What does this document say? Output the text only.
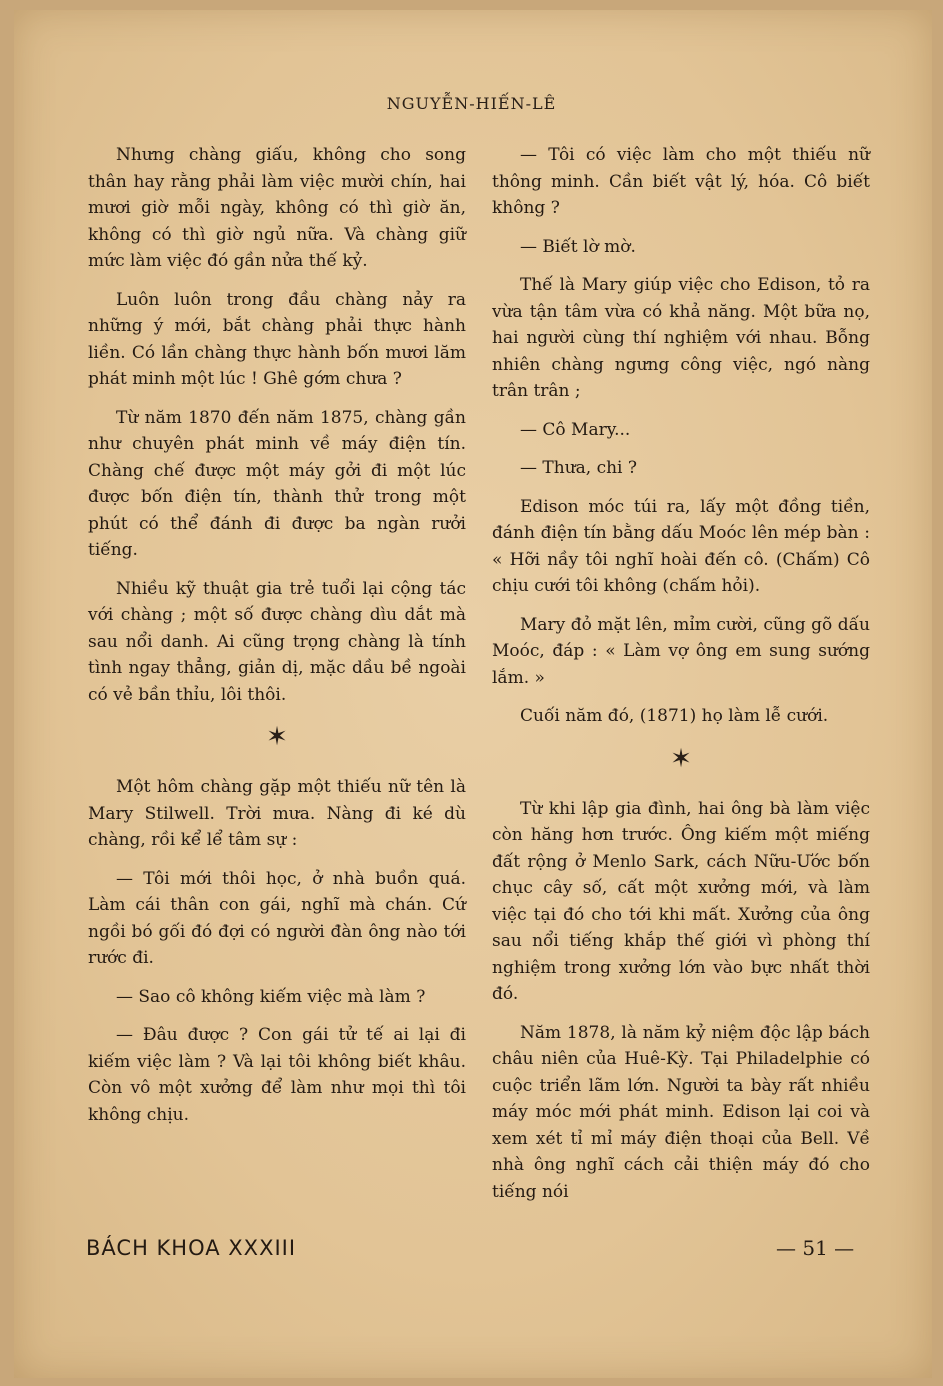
NGUYỄN-HIẾN-LÊ

Nhưng chàng giấu, không cho song thân hay rằng phải làm việc mười chín, hai mươi giờ mỗi ngày, không có thì giờ ăn, không có thì giờ ngủ nữa. Và chàng giữ mức làm việc đó gần nửa thế kỷ.

Luôn luôn trong đầu chàng nảy ra những ý mới, bắt chàng phải thực hành liền. Có lần chàng thực hành bốn mươi lăm phát minh một lúc ! Ghê gớm chưa ?

Từ năm 1870 đến năm 1875, chàng gần như chuyên phát minh về máy điện tín. Chàng chế được một máy gởi đi một lúc được bốn điện tín, thành thử trong một phút có thể đánh đi được ba ngàn rưởi tiếng.

Nhiều kỹ thuật gia trẻ tuổi lại cộng tác với chàng ; một số được chàng dìu dắt mà sau nổi danh. Ai cũng trọng chàng là tính tình ngay thẳng, giản dị, mặc dầu bề ngoài có vẻ bần thỉu, lôi thôi.

✶

Một hôm chàng gặp một thiếu nữ tên là Mary Stilwell. Trời mưa. Nàng đi ké dù chàng, rồi kể lể tâm sự :

— Tôi mới thôi học, ở nhà buồn quá. Làm cái thân con gái, nghĩ mà chán. Cứ ngồi bó gối đó đợi có người đàn ông nào tới rước đi.

— Sao cô không kiếm việc mà làm ?

— Đâu được ? Con gái tử tế ai lại đi kiếm việc làm ? Và lại tôi không biết khâu. Còn vô một xưởng để làm như mọi thì tôi không chịu.

— Tôi có việc làm cho một thiếu nữ thông minh. Cần biết vật lý, hóa. Cô biết không ?

— Biết lờ mờ.

Thế là Mary giúp việc cho Edison, tỏ ra vừa tận tâm vừa có khả năng. Một bữa nọ, hai người cùng thí nghiệm với nhau. Bỗng nhiên chàng ngưng công việc, ngó nàng trân trân ;

— Cô Mary...

— Thưa, chi ?

Edison móc túi ra, lấy một đồng tiền, đánh điện tín bằng dấu Moóc lên mép bàn : « Hỡi nầy tôi nghĩ hoài đến cô. (Chấm) Cô chịu cưới tôi không (chấm hỏi).

Mary đỏ mặt lên, mỉm cười, cũng gõ dấu Moóc, đáp : « Làm vợ ông em sung sướng lắm. »

Cuối năm đó, (1871) họ làm lễ cưới.

✶

Từ khi lập gia đình, hai ông bà làm việc còn hăng hơn trước. Ông kiếm một miếng đất rộng ở Menlo Sark, cách Nữu-Ước bốn chục cây số, cất một xưởng mới, và làm việc tại đó cho tới khi mất. Xưởng của ông sau nổi tiếng khắp thế giới vì phòng thí nghiệm trong xưởng lớn vào bực nhất thời đó.

Năm 1878, là năm kỷ niệm độc lập bách châu niên của Huê-Kỳ. Tại Philadelphie có cuộc triển lãm lớn. Người ta bày rất nhiều máy móc mới phát minh. Edison lại coi và xem xét tỉ mỉ máy điện thoại của Bell. Về nhà ông nghĩ cách cải thiện máy đó cho tiếng nói

BÁCH KHOA XXXIII	— 51 —
